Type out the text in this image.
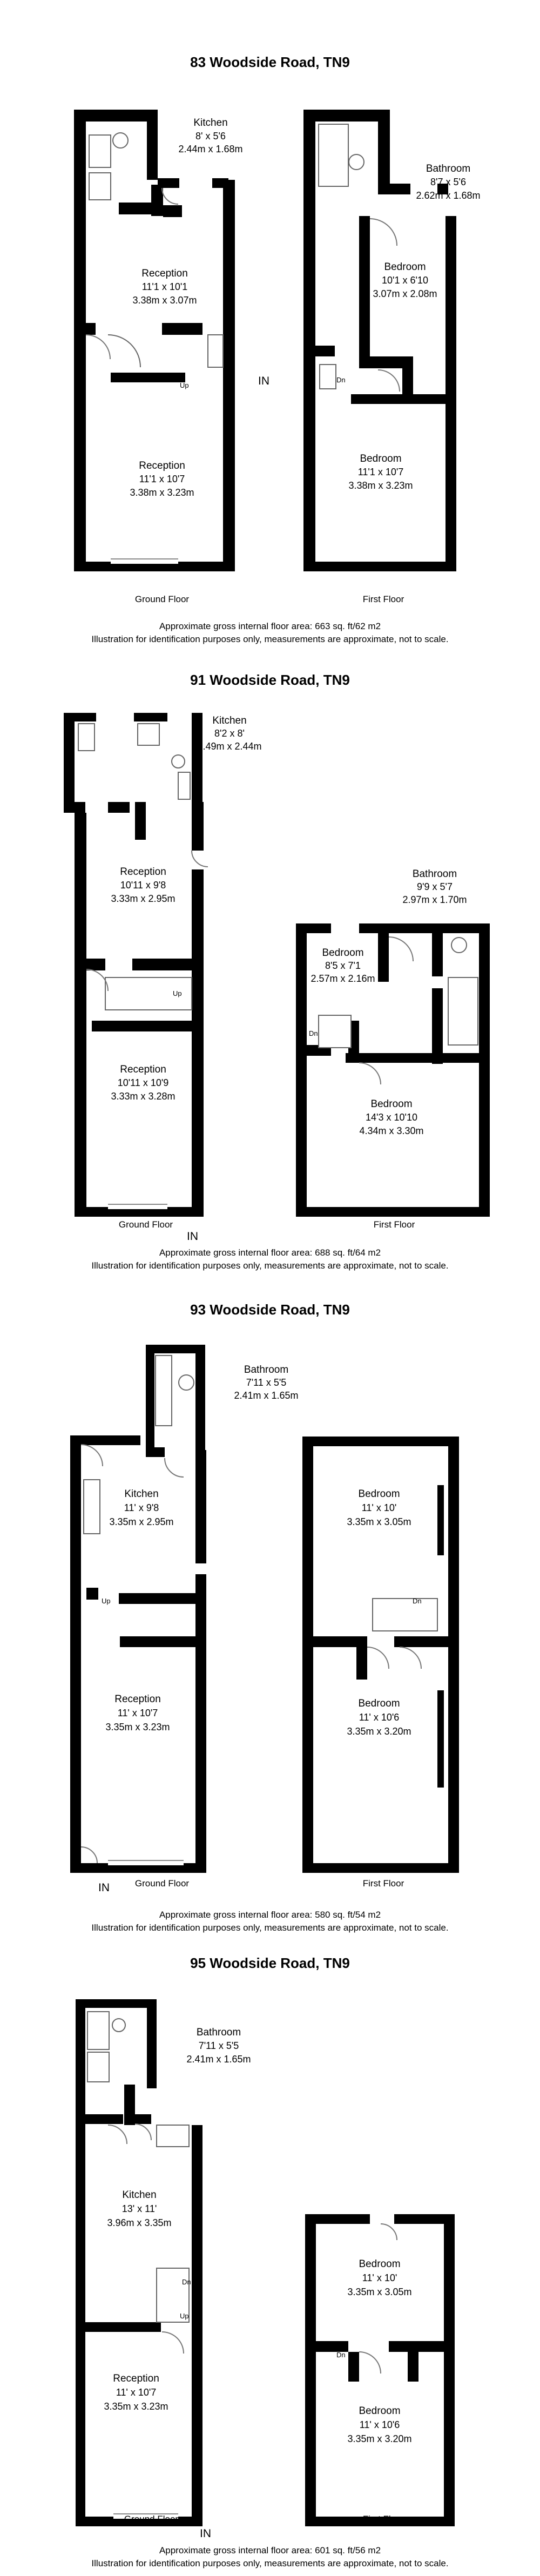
83 Woodside Road, TN9
Kitchen
8' x 5'6
2.44m x 1.68m
Reception
11'1 x 10'1
3.38m x 3.07m
Reception
11'1 x 10'7
3.38m x 3.23m
Bathroom
8'7 x 5'6
2.62m x 1.68m
Bedroom
10'1 x 6'10
3.07m x 2.08m
Bedroom
11'1 x 10'7
3.38m x 3.23m
Up
Dn
IN
Ground Floor	First Floor
Approximate gross internal floor area: 663 sq. ft/62 m2
Illustration for identification purposes only, measurements are approximate, not to scale.
91 Woodside Road, TN9
Kitchen
8'2 x 8'
2.49m x 2.44m
Reception
10'11 x 9'8
3.33m x 2.95m
Reception
10'11 x 10'9
3.33m x 3.28m
Bathroom
9'9 x 5'7
2.97m x 1.70m
Bedroom
8'5 x 7'1
2.57m x 2.16m
Bedroom
14'3 x 10'10
4.34m x 3.30m
Up
Dn
IN
Ground Floor	First Floor
Approximate gross internal floor area: 688 sq. ft/64 m2
Illustration for identification purposes only, measurements are approximate, not to scale.
93 Woodside Road, TN9
Bathroom
7'11 x 5'5
2.41m x 1.65m
Kitchen
11' x 9'8
3.35m x 2.95m
Reception
11' x 10'7
3.35m x 3.23m
Bedroom
11' x 10'
3.35m x 3.05m
Bedroom
11' x 10'6
3.35m x 3.20m
Up	Dn
IN	Ground Floor	First Floor
Approximate gross internal floor area: 580 sq. ft/54 m2
Illustration for identification purposes only, measurements are approximate, not to scale.
95 Woodside Road, TN9
Bathroom
7'11 x 5'5
2.41m x 1.65m
Kitchen
13' x 11'
3.96m x 3.35m
Reception
11' x 10'7
3.35m x 3.23m
Bedroom
11' x 10'
3.35m x 3.05m
Bedroom
11' x 10'6
3.35m x 3.20m
Dn
Up
Dn
IN
Ground Floor	First Floor
Approximate gross internal floor area: 601 sq. ft/56 m2
Illustration for identification purposes only, measurements are approximate, not to scale.
